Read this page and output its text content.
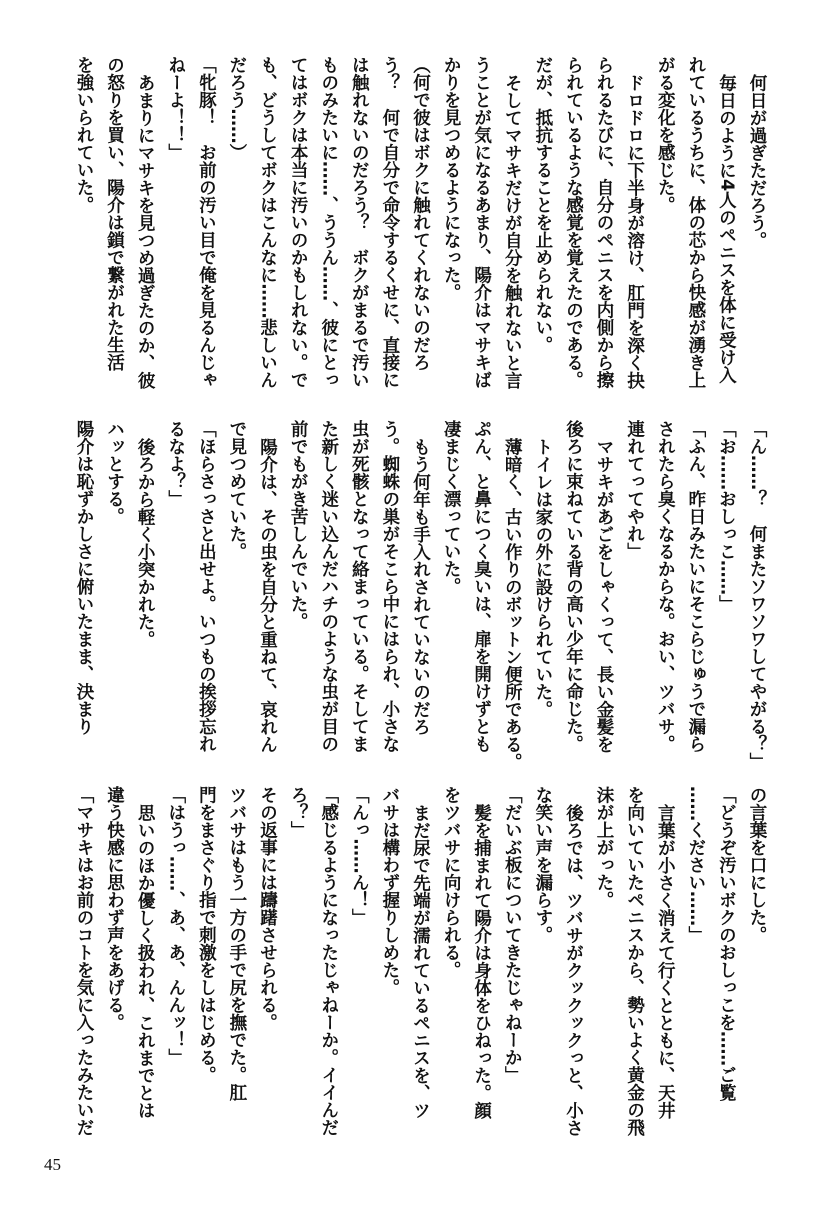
何日が過ぎただろう。
毎日のように4人のペニスを体に受け入
れているうちに、体の芯から快感が湧き上
がる変化を感じた。
ドロドロに下半身が溶け、肛門を深く抉
られるたびに、自分のペニスを内側から擦
られているような感覚を覚えたのである。
だが、抵抗することを止められない。
そしてマサキだけが自分を触れないと言
うことが気になるあまり、陽介はマサキば
かりを見つめるようになった。
（何で彼はボクに触れてくれないのだろ
う？　何で自分で命令するくせに、直接に
は触れないのだろう？　ボクがまるで汚い
ものみたいに……、ううん……、彼にとっ
てはボクは本当に汚いのかもしれない。で
も、どうしてボクはこんなに……悲しいん
だろう……）
「牝豚！　お前の汚い目で俺を見るんじゃ
ねーよ！！」
あまりにマサキを見つめ過ぎたのか、彼
の怒りを買い、陽介は鎖で繋がれた生活
を強いられていた。
「ん……？　何またソワソワしてやがる？」
「お……おしっこ……」
「ふん、昨日みたいにそこらじゅうで漏ら
されたら臭くなるからな。おい、ツバサ。
連れてってやれ」
マサキがあごをしゃくって、長い金髪を
後ろに束ねている背の高い少年に命じた。
トイレは家の外に設けられていた。
薄暗く、古い作りのボットン便所である。
ぷん、と鼻につく臭いは、扉を開けずとも
凄まじく漂っていた。
もう何年も手入れされていないのだろ
う。蜘蛛の巣がそこら中にはられ、小さな
虫が死骸となって絡まっている。そしてま
た新しく迷い込んだハチのような虫が目の
前でもがき苦しんでいた。
陽介は、その虫を自分と重ねて、哀れん
で見つめていた。
「ほらさっさと出せよ。いつもの挨拶忘れ
るなよ？」
後ろから軽く小突かれた。
ハッとする。
陽介は恥ずかしさに俯いたまま、決まり
の言葉を口にした。
「どうぞ汚いボクのおしっこを……ご覧
……ください……」
言葉が小さく消えて行くとともに、天井
を向いていたペニスから、勢いよく黄金の飛
沫が上がった。
後ろでは、ツバサがクックックっと、小さ
な笑い声を漏らす。
「だいぶ板についてきたじゃねーか」
髪を捕まれて陽介は身体をひねった。顔
をツバサに向けられる。
まだ尿で先端が濡れているペニスを、ツ
バサは構わず握りしめた。
「んっ……ん！」
「感じるようになったじゃねーか。イイんだ
ろ？」
その返事には躊躇させられる。
ツバサはもう一方の手で尻を撫でた。肛
門をまさぐり指で刺激をしはじめる。
「はうっ……、あ、あ、んんッ！」
思いのほか優しく扱われ、これまでとは
違う快感に思わず声をあげる。
「マサキはお前のコトを気に入ったみたいだ
45
